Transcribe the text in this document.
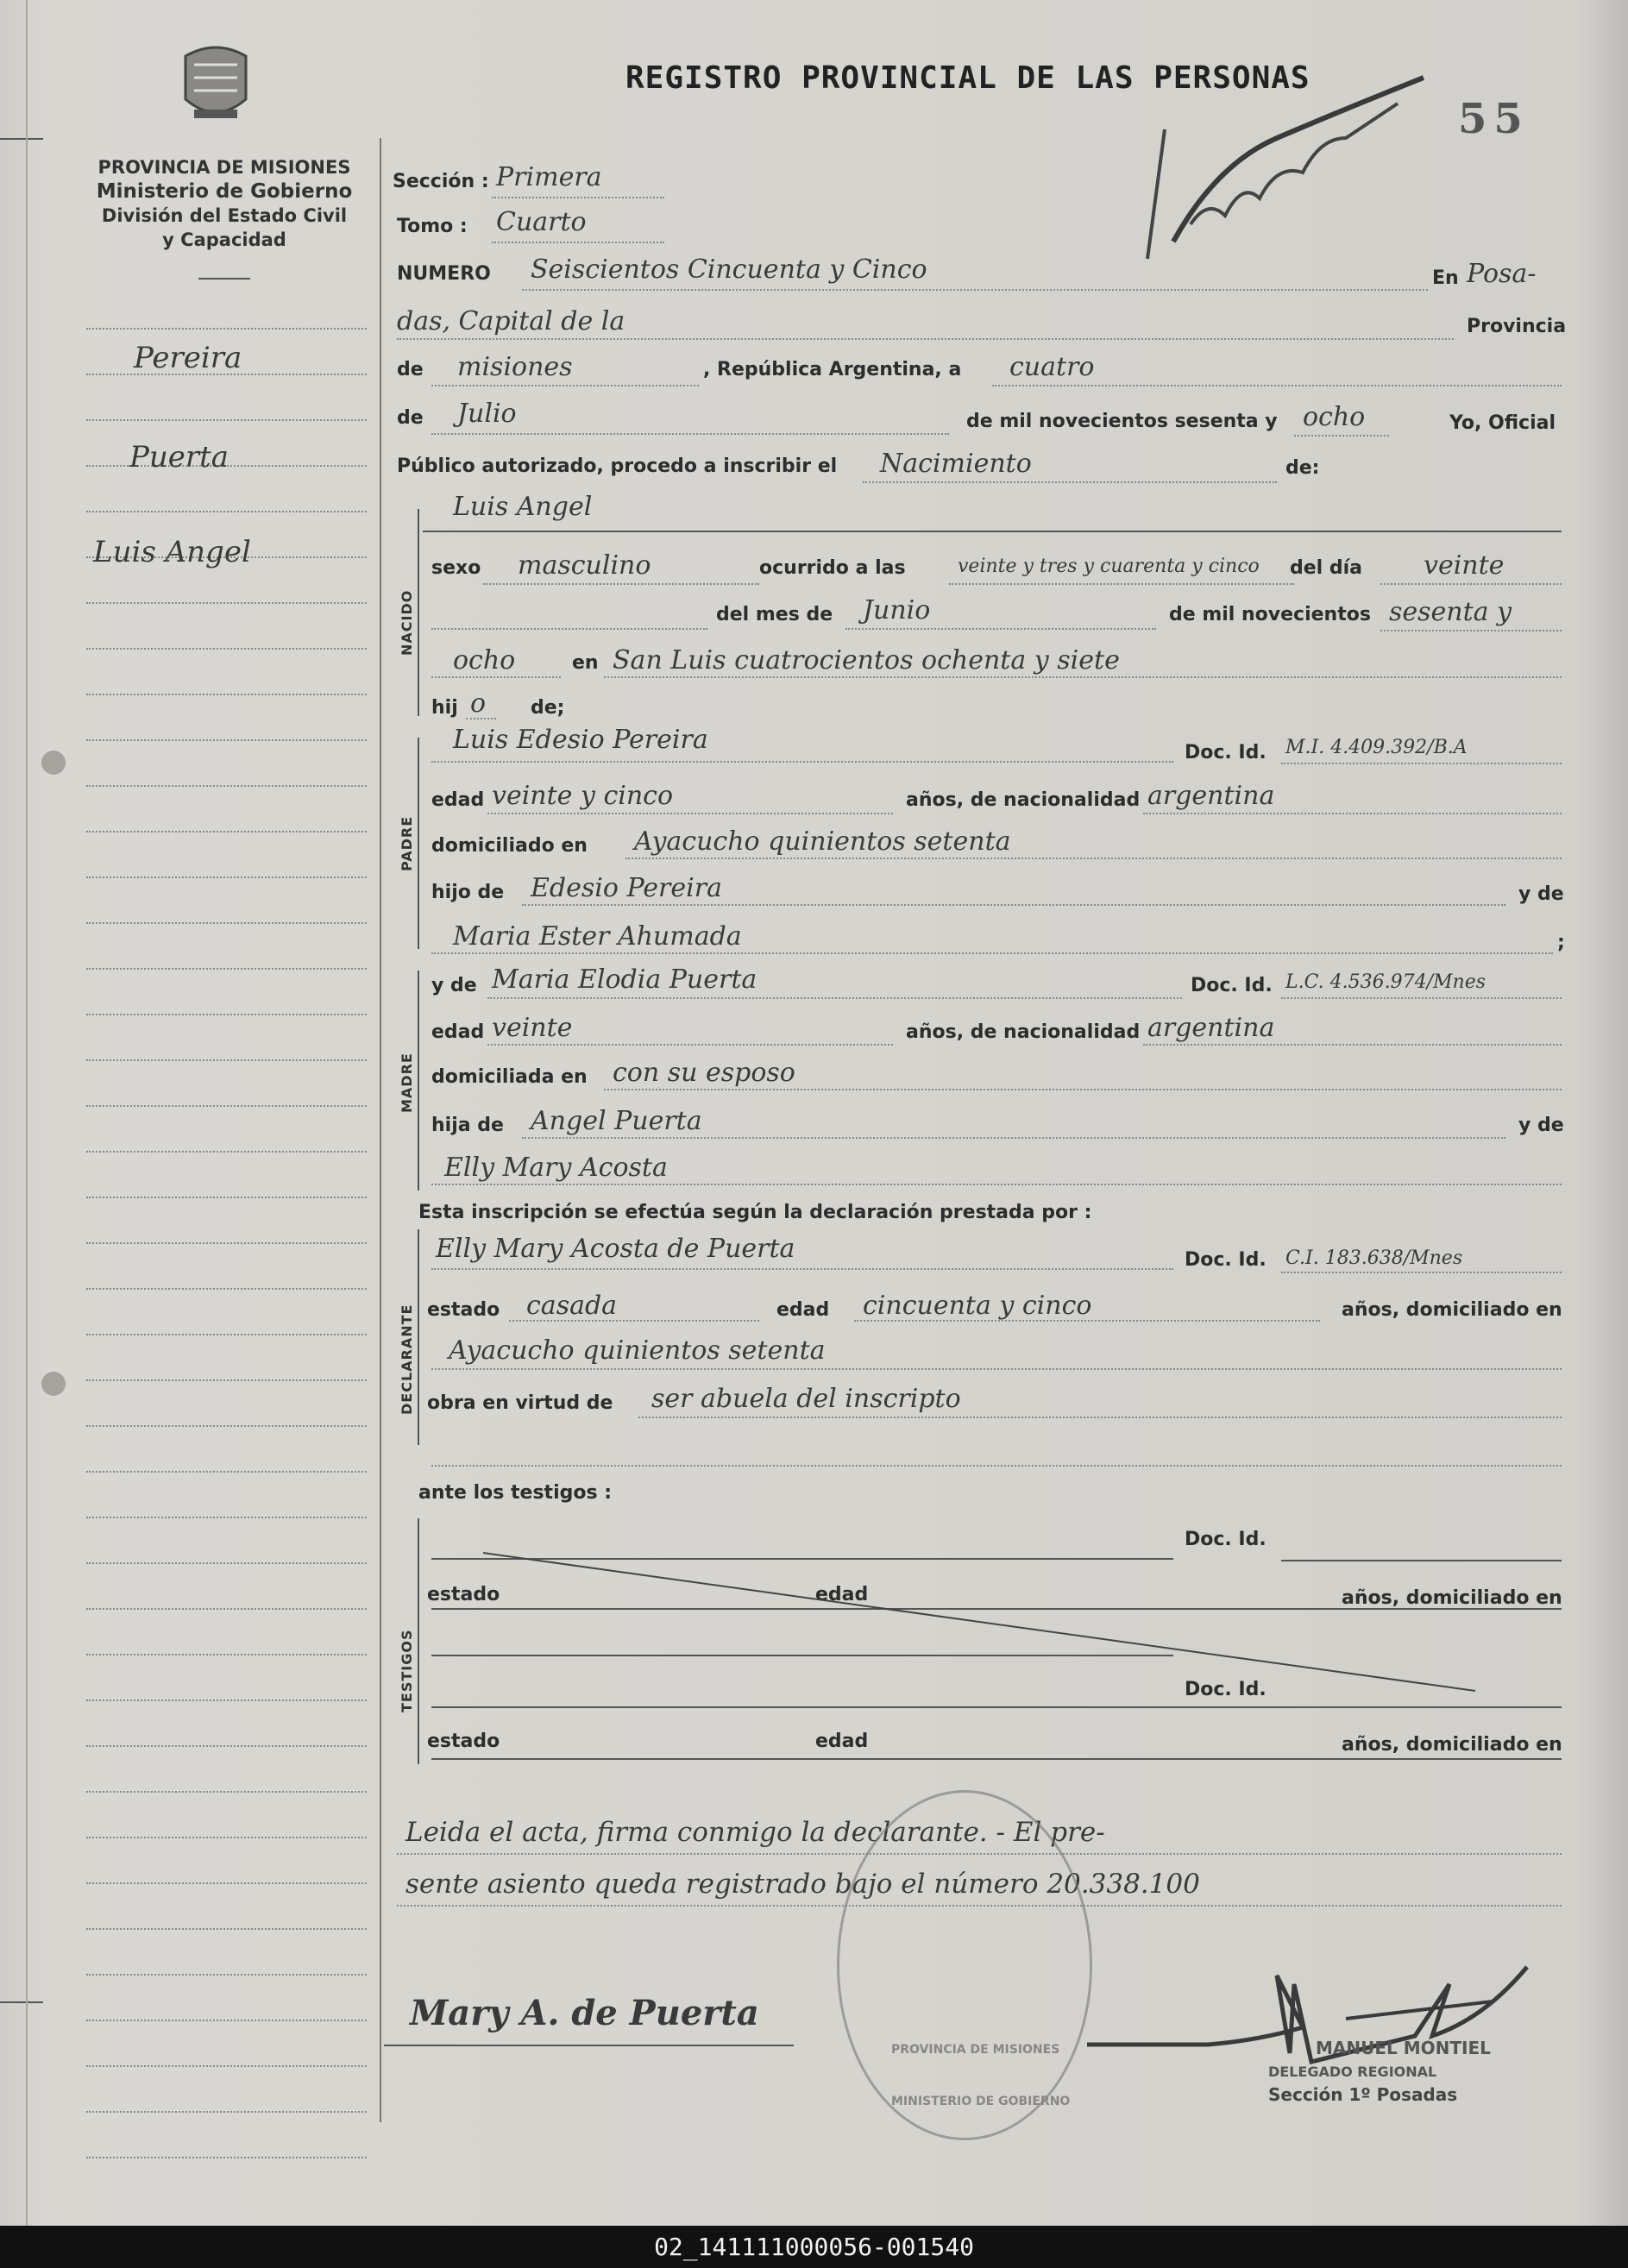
REGISTRO PROVINCIAL DE LAS PERSONAS
55
PROVINCIA DE MISIONES
Ministerio de Gobierno
División del Estado Civil
y Capacidad
Pereira
Puerta
Luis Angel
Sección : Primera
Tomo : Cuarto
NUMERO Seiscientos Cincuenta y Cinco	En Posa-
das, Capital de la	Provincia
de misiones	, República Argentina, a cuatro
de Julio	de mil novecientos sesenta y ocho	Yo, Oficial
Público autorizado, procedo a inscribir el Nacimiento	de:
NACIDO
Luis Angel
sexo masculino	ocurrido a las	veinte y tres y cuarenta y cinco del día veinte
del mes de Junio	de mil novecientos sesenta y
ocho	en San Luis cuatrocientos ochenta y siete
hij o de;
PADRE
Luis Edesio Pereira	Doc. Id. M.I. 4.409.392/B.A
edad veinte y cinco	años, de nacionalidad argentina
domiciliado en Ayacucho quinientos setenta
hijo de Edesio Pereira	y de
Maria Ester Ahumada	;
MADRE
y de Maria Elodia Puerta	Doc. Id. L.C. 4.536.974/Mnes
edad veinte	años, de nacionalidad argentina
domiciliada en con su esposo
hija de Angel Puerta	y de
Elly Mary Acosta
Esta inscripción se efectúa según la declaración prestada por :
DECLARANTE
Elly Mary Acosta de Puerta	Doc. Id. C.I. 183.638/Mnes
estado casada	edad cincuenta y cinco	años, domiciliado en
Ayacucho quinientos setenta
obra en virtud de ser abuela del inscripto
ante los testigos :
TESTIGOS
Doc. Id.
estado	edad	años, domiciliado en
Doc. Id.
estado	edad	años, domiciliado en
Leida el acta, firma conmigo la declarante. - El pre-
sente asiento queda registrado bajo el número 20.338.100
MINISTERIO DE GOBIERNO
PROVINCIA DE MISIONES
Mary A. de Puerta
MANUEL MONTIEL
DELEGADO REGIONAL
Sección 1º Posadas
02_141111000056-001540
